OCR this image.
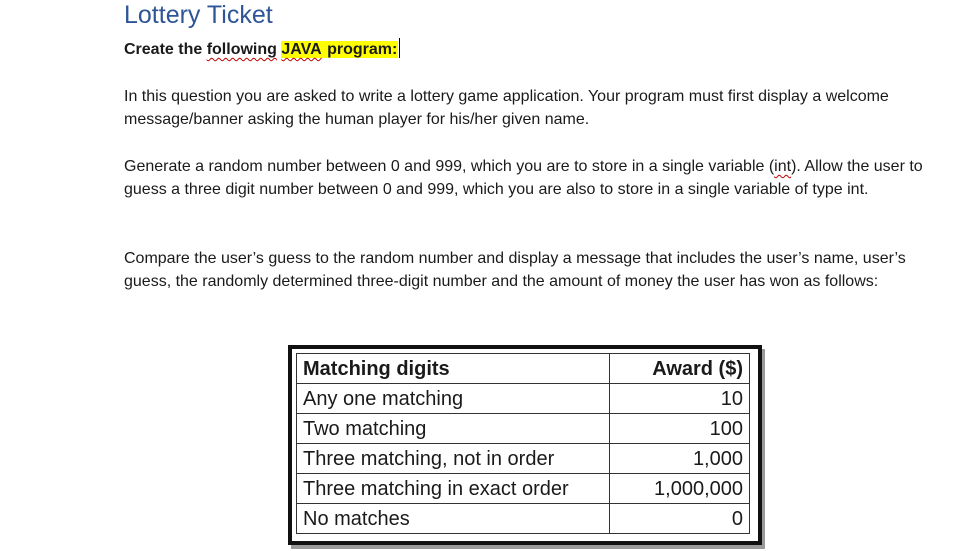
Lottery Ticket
Create the following JAVA program:
In this question you are asked to write a lottery game application. Your program must first display a welcome message/banner asking the human player for his/her given name.
Generate a random number between 0 and 999, which you are to store in a single variable (int). Allow the user to guess a three digit number between 0 and 999, which you are also to store in a single variable of type int.
Compare the user’s guess to the random number and display a message that includes the user’s name, user’s guess, the randomly determined three-digit number and the amount of money the user has won as follows:
Matching digits	Award ($)
Any one matching	10
Two matching	100
Three matching, not in order	1,000
Three matching in exact order	1,000,000
No matches	0
